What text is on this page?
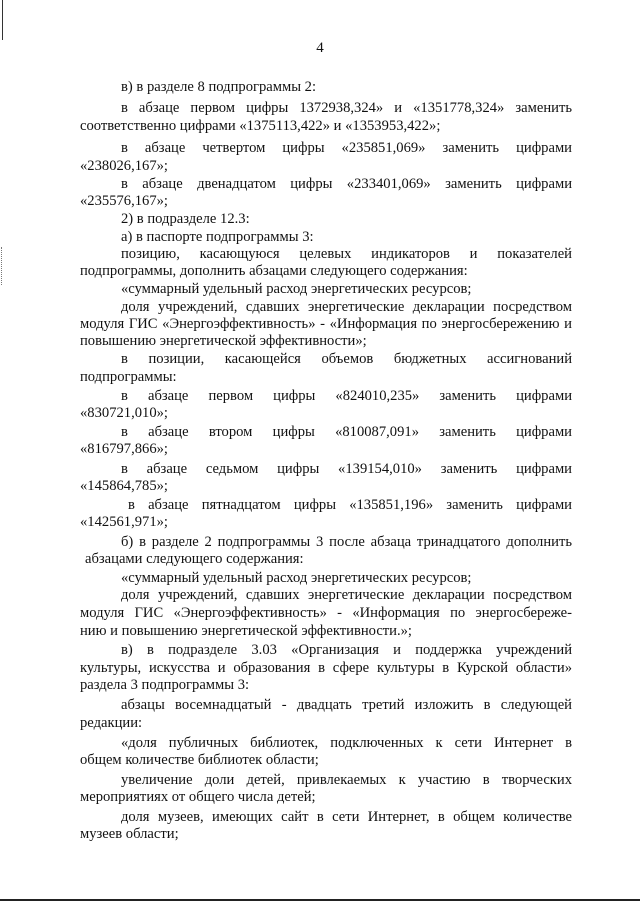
4
в) в разделе 8 подпрограммы 2:
в абзаце первом цифры 1372938,324» и «1351778,324» заменить
соответственно цифрами «1375113,422» и «1353953,422»;
в абзаце четвертом цифры «235851,069» заменить цифрами
«238026,167»;
в абзаце двенадцатом цифры «233401,069» заменить цифрами
«235576,167»;
2) в подразделе 12.3:
а) в паспорте подпрограммы 3:
позицию, касающуюся целевых индикаторов и показателей
подпрограммы, дополнить абзацами следующего содержания:
«суммарный удельный расход энергетических ресурсов;
доля учреждений, сдавших энергетические декларации посредством
модуля ГИС «Энергоэффективность» - «Информация по энергосбережению и
повышению энергетической эффективности»;
в позиции, касающейся объемов бюджетных ассигнований
подпрограммы:
в абзаце первом цифры «824010,235» заменить цифрами
«830721,010»;
в абзаце втором цифры «810087,091» заменить цифрами
«816797,866»;
в абзаце седьмом цифры «139154,010» заменить цифрами
«145864,785»;
в абзаце пятнадцатом цифры «135851,196» заменить цифрами
«142561,971»;
б) в разделе 2 подпрограммы 3 после абзаца тринадцатого дополнить
абзацами следующего содержания:
«суммарный удельный расход энергетических ресурсов;
доля учреждений, сдавших энергетические декларации посредством
модуля ГИС «Энергоэффективность» - «Информация по энергосбереже-
нию и повышению энергетической эффективности.»;
в) в подразделе 3.03 «Организация и поддержка учреждений
культуры, искусства и образования в сфере культуры в Курской области»
раздела 3 подпрограммы 3:
абзацы восемнадцатый - двадцать третий изложить в следующей
редакции:
«доля публичных библиотек, подключенных к сети Интернет в
общем количестве библиотек области;
увеличение доли детей, привлекаемых к участию в творческих
мероприятиях от общего числа детей;
доля музеев, имеющих сайт в сети Интернет, в общем количестве
музеев области;
